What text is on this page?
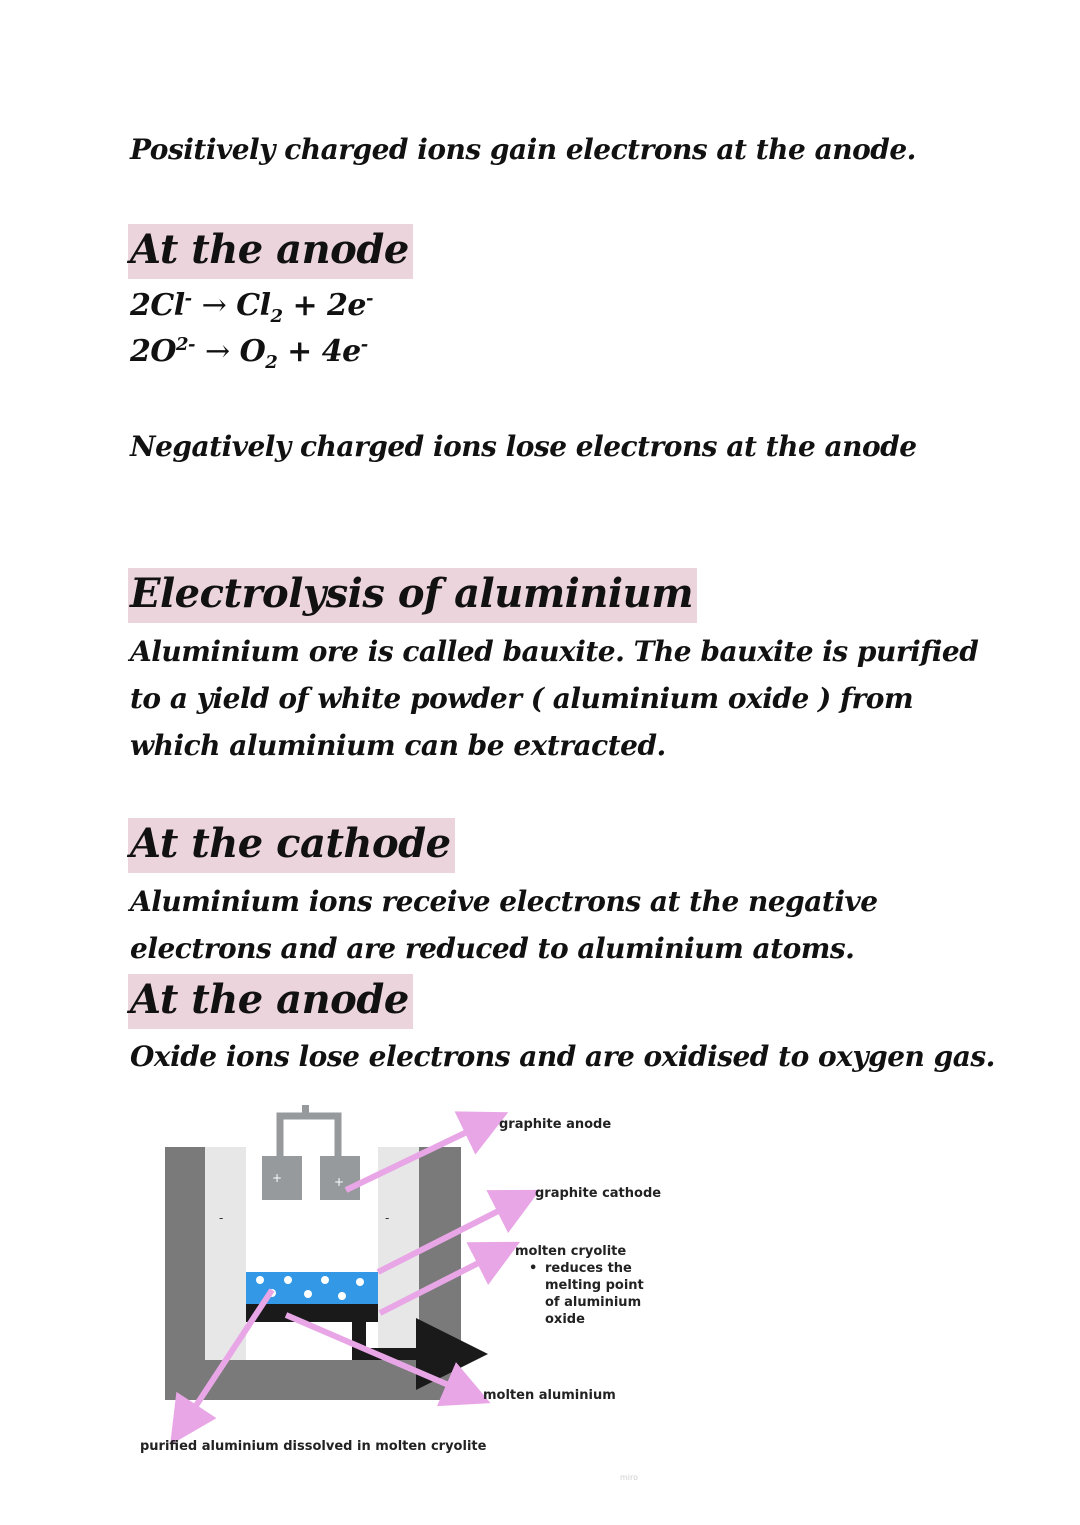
Positively charged ions gain electrons at the anode.
At the anode
$2Cl^- \to Cl_2 + 2e^-$
$2O^{2-} \to O_2 + 4e^-$
Negatively charged ions lose electrons at the anode
Electrolysis of aluminium
Aluminium ore is called bauxite. The bauxite is purified to a yield of white powder ( aluminium oxide ) from which aluminium can be extracted.
At the cathode
Aluminium ions receive electrons at the negative electrons and are reduced to aluminium atoms.
At the anode
Oxide ions lose electrons and are oxidised to oxygen gas.
+	+
-	-
graphite anode
graphite cathode
molten cryolite
• reduces the
melting point
of aluminium
oxide
molten aluminium
purified aluminium dissolved in molten cryolite
miro
